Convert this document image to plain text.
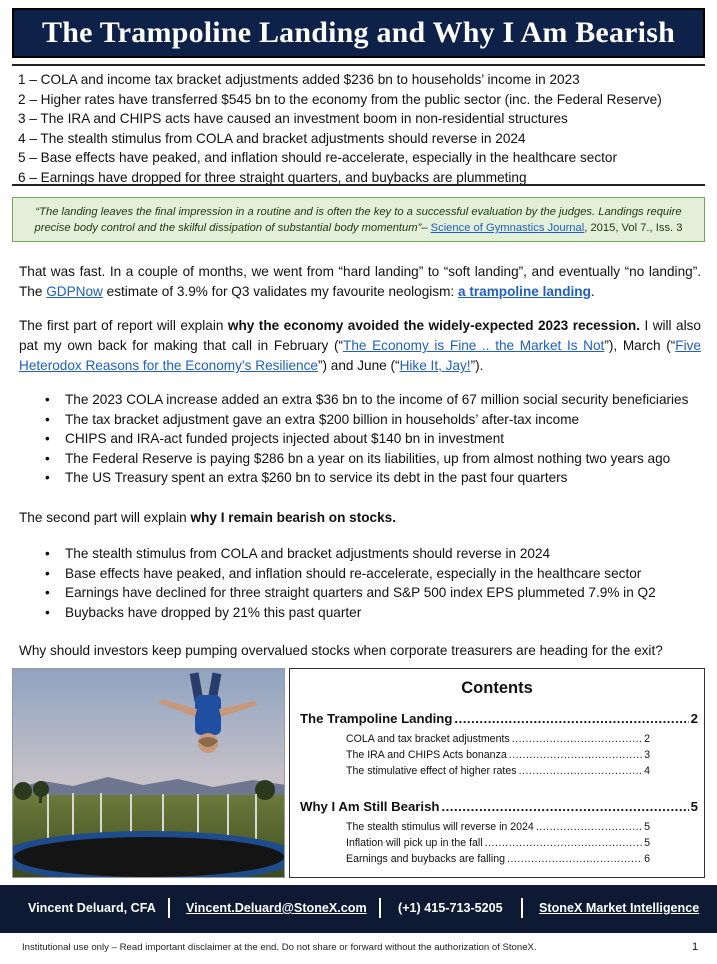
The Trampoline Landing and Why I Am Bearish
1 – COLA and income tax bracket adjustments added $236 bn to households’ income in 2023
2 – Higher rates have transferred $545 bn to the economy from the public sector (inc. the Federal Reserve)
3 – The IRA and CHIPS acts have caused an investment boom in non-residential structures
4 – The stealth stimulus from COLA and bracket adjustments should reverse in 2024
5 – Base effects have peaked, and inflation should re-accelerate, especially in the healthcare sector
6 – Earnings have dropped for three straight quarters, and buybacks are plummeting
“The landing leaves the final impression in a routine and is often the key to a successful evaluation by the judges. Landings require precise body control and the skilful dissipation of substantial body momentum”– Science of Gymnastics Journal, 2015, Vol 7., Iss. 3

That was fast. In a couple of months, we went from “hard landing” to “soft landing”, and eventually “no landing”. The GDPNow estimate of 3.9% for Q3 validates my favourite neologism: a trampoline landing.

The first part of report will explain why the economy avoided the widely-expected 2023 recession. I will also pat my own back for making that call in February (“The Economy is Fine .. the Market Is Not”), March (“Five Heterodox Reasons for the Economy’s Resilience”) and June (“Hike It, Jay!”).

• The 2023 COLA increase added an extra $36 bn to the income of 67 million social security beneficiaries
• The tax bracket adjustment gave an extra $200 billion in households’ after-tax income
• CHIPS and IRA-act funded projects injected about $140 bn in investment
• The Federal Reserve is paying $286 bn a year on its liabilities, up from almost nothing two years ago
• The US Treasury spent an extra $260 bn to service its debt in the past four quarters

The second part will explain why I remain bearish on stocks.

• The stealth stimulus from COLA and bracket adjustments should reverse in 2024
• Base effects have peaked, and inflation should re-accelerate, especially in the healthcare sector
• Earnings have declined for three straight quarters and S&P 500 index EPS plummeted 7.9% in Q2
• Buybacks have dropped by 21% this past quarter

Why should investors keep pumping overvalued stocks when corporate treasurers are heading for the exit?

Contents
The Trampoline Landing .....	2
COLA and tax bracket adjustments .....	2
The IRA and CHIPS Acts bonanza .....	3
The stimulative effect of higher rates .....	4
Why I Am Still Bearish .....	5
The stealth stimulus will reverse in 2024 .....	5
Inflation will pick up in the fall .....	5
Earnings and buybacks are falling .....	6
Vincent Deluard, CFA Vincent.Deluard@StoneX.com (+1) 415-713-5205	StoneX Market Intelligence
Institutional use only – Read important disclaimer at the end. Do not share or forward without the authorization of StoneX.	1
